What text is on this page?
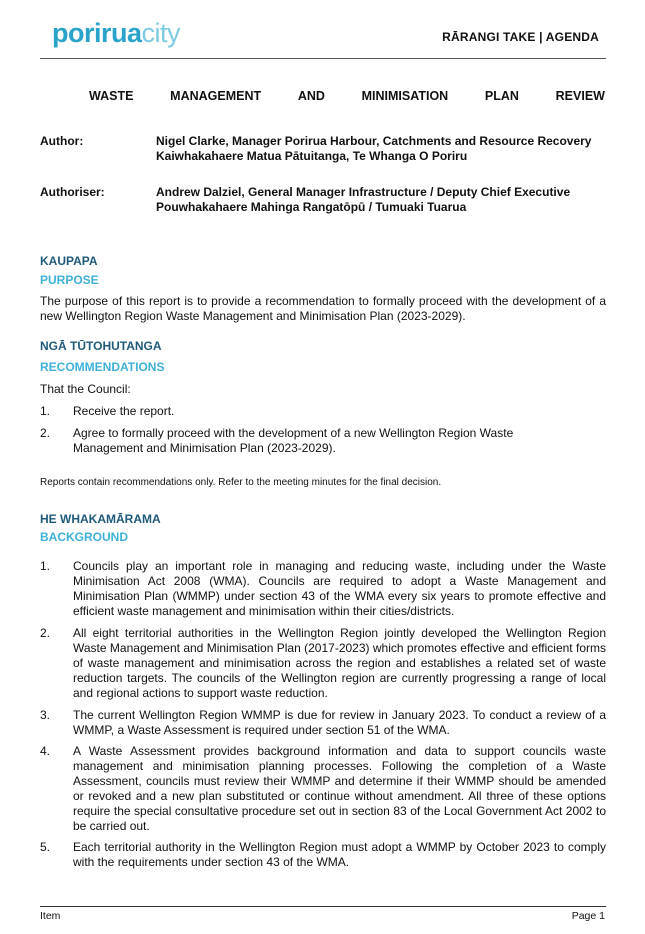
poriruacity	RĀRANGI TAKE | AGENDA
WASTE	MANAGEMENT	AND	MINIMISATION	PLAN	REVIEW
Author:	Nigel Clarke, Manager Porirua Harbour, Catchments and Resource Recovery
Kaiwhakahaere Matua Pātuitanga, Te Whanga O Poriru
Authoriser:	Andrew Dalziel, General Manager Infrastructure / Deputy Chief Executive
Pouwhakahaere Mahinga Rangatōpū / Tumuaki Tuarua
KAUPAPA
PURPOSE
The purpose of this report is to provide a recommendation to formally proceed with the development of a new Wellington Region Waste Management and Minimisation Plan (2023-2029).
NGĀ TŪTOHUTANGA
RECOMMENDATIONS
That the Council:
1. Receive the report.
2. Agree to formally proceed with the development of a new Wellington Region Waste Management and Minimisation Plan (2023-2029).
Reports contain recommendations only. Refer to the meeting minutes for the final decision.
HE WHAKAMĀRAMA
BACKGROUND
1. Councils play an important role in managing and reducing waste, including under the Waste Minimisation Act 2008 (WMA). Councils are required to adopt a Waste Management and Minimisation Plan (WMMP) under section 43 of the WMA every six years to promote effective and efficient waste management and minimisation within their cities/districts.
2. All eight territorial authorities in the Wellington Region jointly developed the Wellington Region Waste Management and Minimisation Plan (2017-2023) which promotes effective and efficient forms of waste management and minimisation across the region and establishes a related set of waste reduction targets. The councils of the Wellington region are currently progressing a range of local and regional actions to support waste reduction.
3. The current Wellington Region WMMP is due for review in January 2023. To conduct a review of a WMMP, a Waste Assessment is required under section 51 of the WMA.
4. A Waste Assessment provides background information and data to support councils waste management and minimisation planning processes. Following the completion of a Waste Assessment, councils must review their WMMP and determine if their WMMP should be amended or revoked and a new plan substituted or continue without amendment. All three of these options require the special consultative procedure set out in section 83 of the Local Government Act 2002 to be carried out.
5. Each territorial authority in the Wellington Region must adopt a WMMP by October 2023 to comply with the requirements under section 43 of the WMA.
Item	Page 1
